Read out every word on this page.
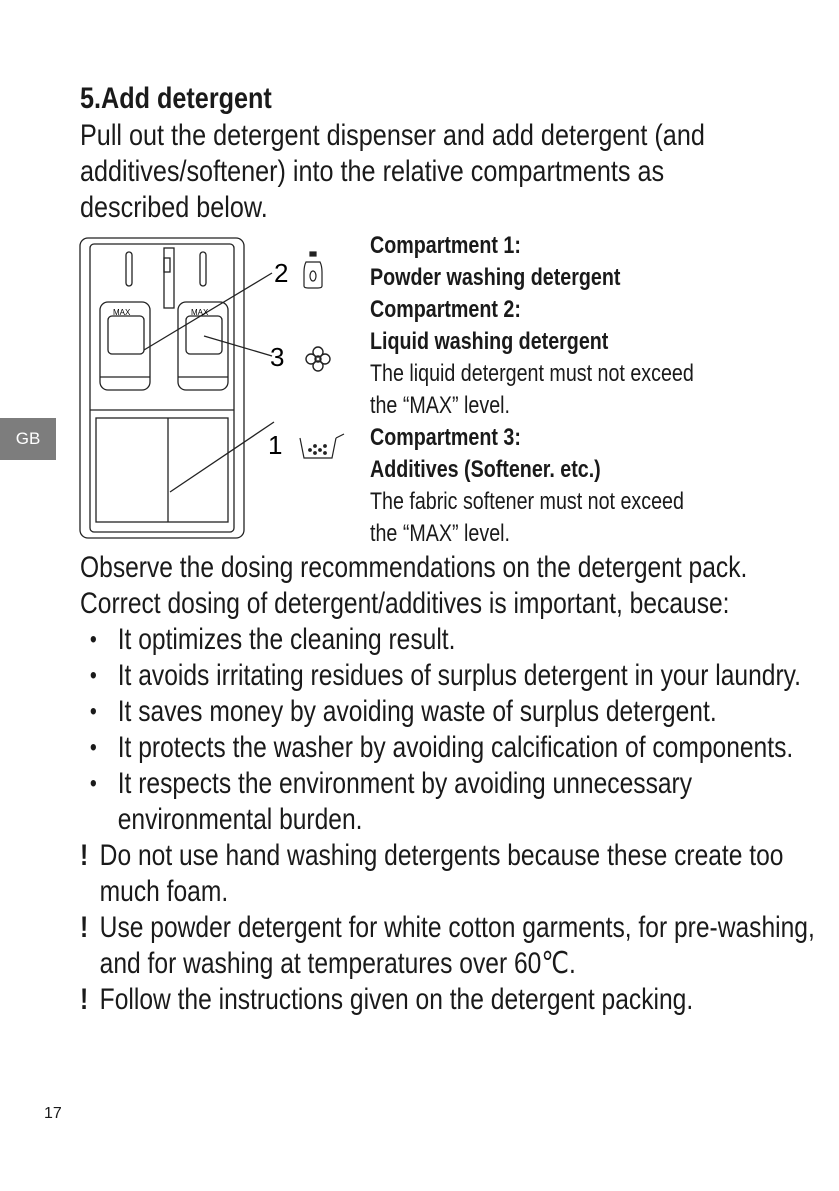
GB
5.Add detergent

Pull out the detergent dispenser and add detergent (and additives/softener) into the relative compartments as described below.

MAX	MAX
2
3
1
Compartment 1:
Powder washing detergent
Compartment 2:
Liquid washing detergent
The liquid detergent must not exceed the “MAX” level.
Compartment 3:
Additives (Softener. etc.)
The fabric softener must not exceed the “MAX” level.

Observe the dosing recommendations on the detergent pack.

Correct dosing of detergent/additives is important, because:

• It optimizes the cleaning result.
• It avoids irritating residues of surplus detergent in your laundry.
• It saves money by avoiding waste of surplus detergent.
• It protects the washer by avoiding calcification of components.
• It respects the environment by avoiding unnecessary environmental burden.

! Do not use hand washing detergents because these create too much foam.

! Use powder detergent for white cotton garments, for pre-washing, and for washing at temperatures over 60℃.

! Follow the instructions given on the detergent packing.

17
